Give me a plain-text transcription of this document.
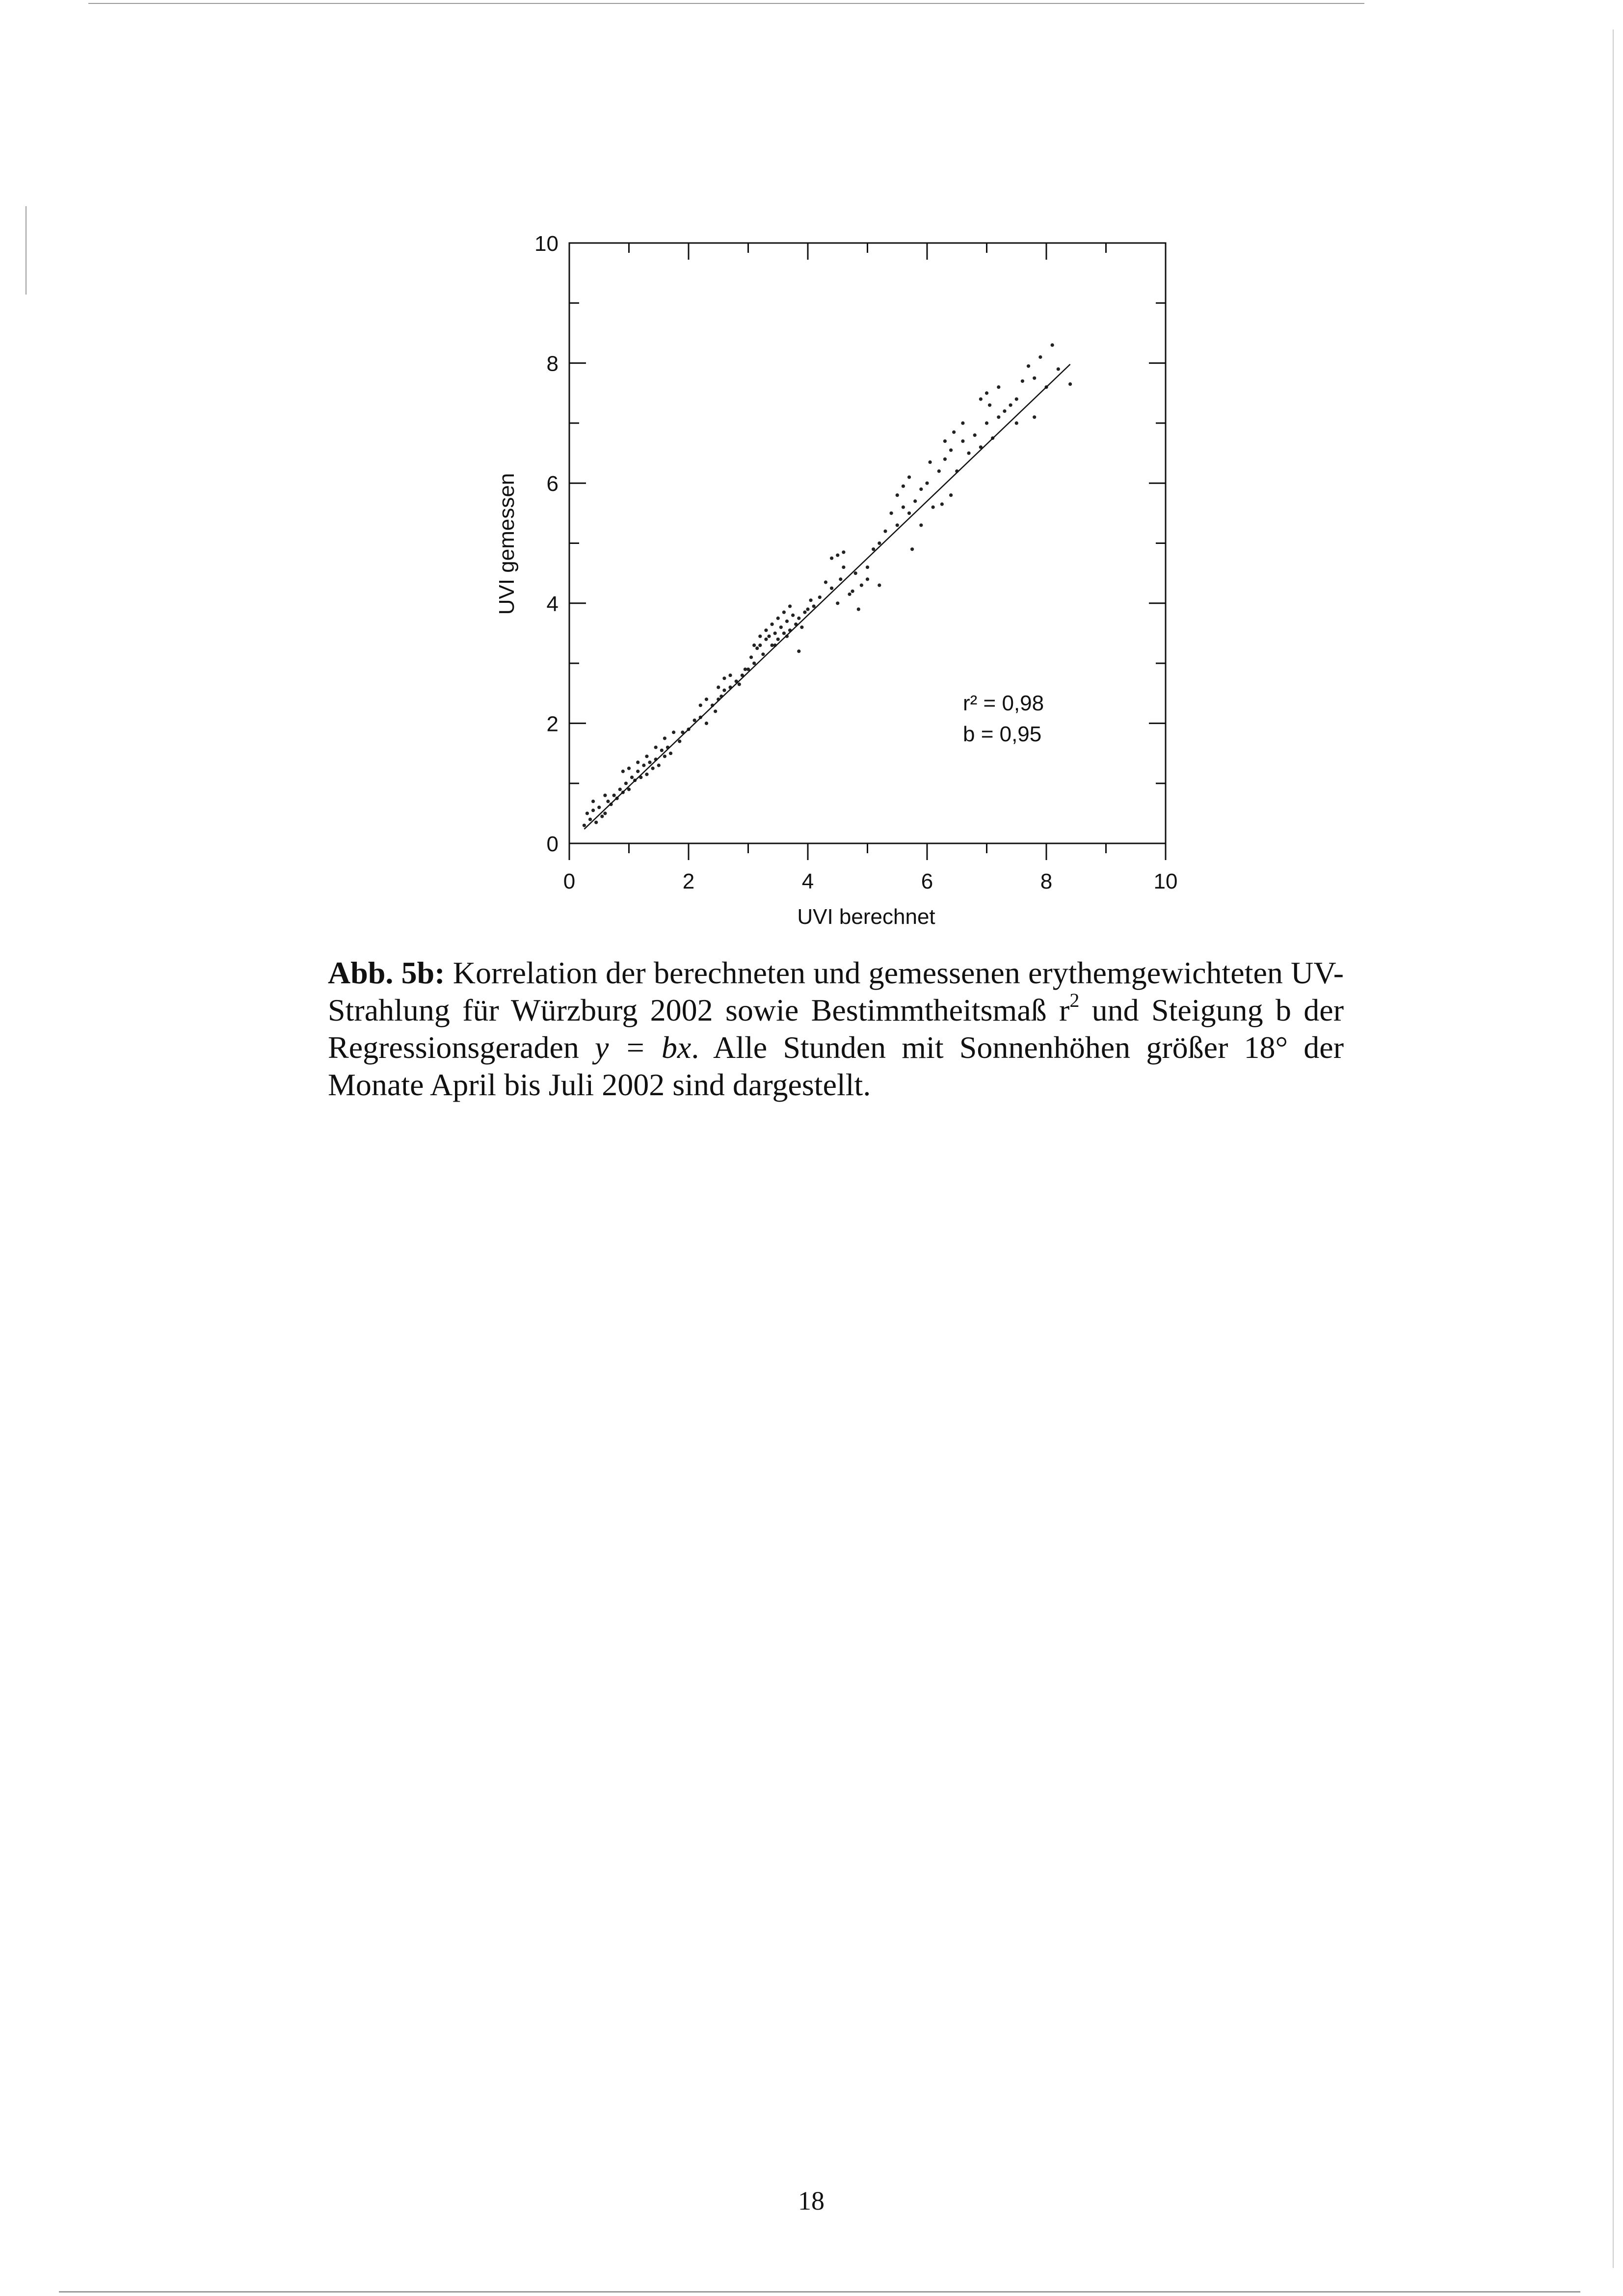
0	2	4	6	8	10
0
2
4
6
8
10
UVI berechnet
UVI gemessen
r² = 0,98
b = 0,95
Abb. 5b: Korrelation der berechneten und gemessenen erythemgewichteten UV-Strahlung für Würzburg 2002 sowie Bestimmtheitsmaß $r^2$ und Steigung b der Regressionsgeraden y = bx. Alle Stunden mit Sonnenhöhen größer 18° der Monate April bis Juli 2002 sind dargestellt.
18
